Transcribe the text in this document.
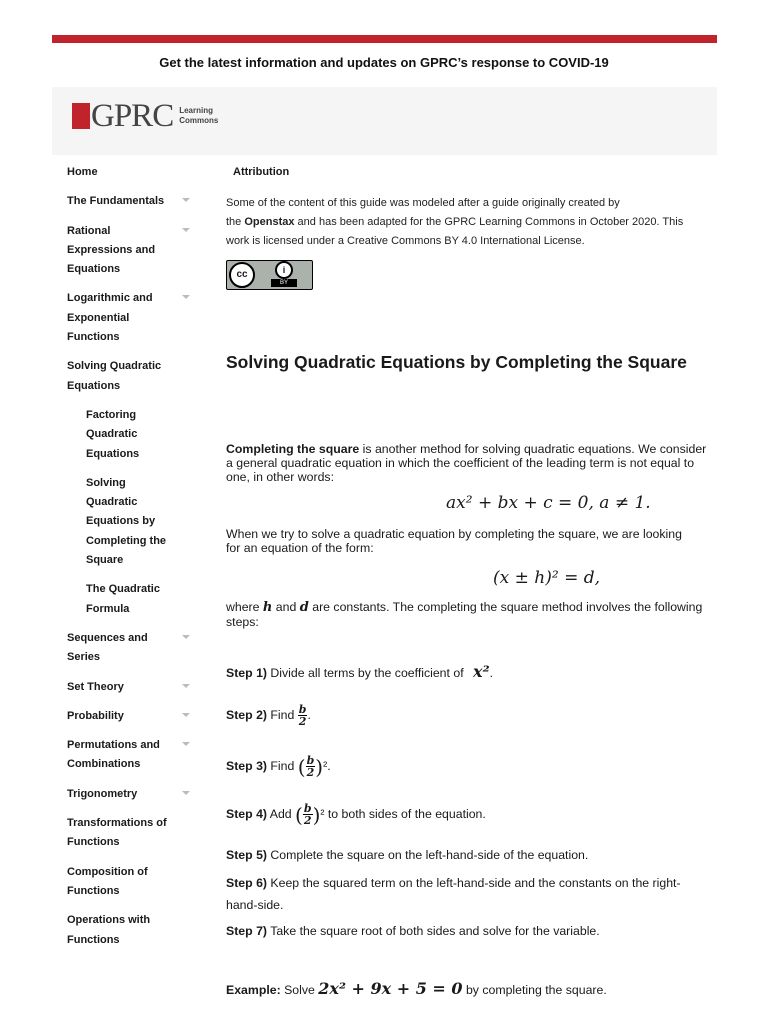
Get the latest information and updates on GPRC’s response to COVID-19
GPRC Learning
Commons
Home
The Fundamentals
Rational Expressions and Equations
Logarithmic and Exponential Functions
Solving Quadratic Equations
Factoring Quadratic Equations
Solving Quadratic Equations by Completing the Square
The Quadratic Formula
Sequences and Series
Set Theory
Probability
Permutations and Combinations
Trigonometry
Transformations of Functions
Composition of Functions
Operations with Functions
Attribution
Some of the content of this guide was modeled after a guide originally created by
the Openstax and has been adapted for the GPRC Learning Commons in October 2020. This
work is licensed under a Creative Commons BY 4.0 International License.
cc	i
BY
Solving Quadratic Equations by Completing the Square
Completing the square is another method for solving quadratic equations. We consider a general quadratic equation in which the coefficient of the leading term is not equal to one, in other words:
ax² + bx + c = 0, a ≠ 1.
When we try to solve a quadratic equation by completing the square, we are looking for an equation of the form:
(x ± h)² = d,
where h and d are constants. The completing the square method involves the following steps:
Step 1) Divide all terms by the coefficient of x².
Step 2) Find $\frac{b}{2}$ .
Step 3) Find ( $\frac{b}{2} )^2$.
Step 4) Add ( $\frac{b}{2} )^2$ to both sides of the equation.
Step 5) Complete the square on the left-hand-side of the equation.
Step 6) Keep the squared term on the left-hand-side and the constants on the right-hand-side.
Step 7) Take the square root of both sides and solve for the variable.
Example: Solve 2x² + 9x + 5 = 0 by completing the square.
